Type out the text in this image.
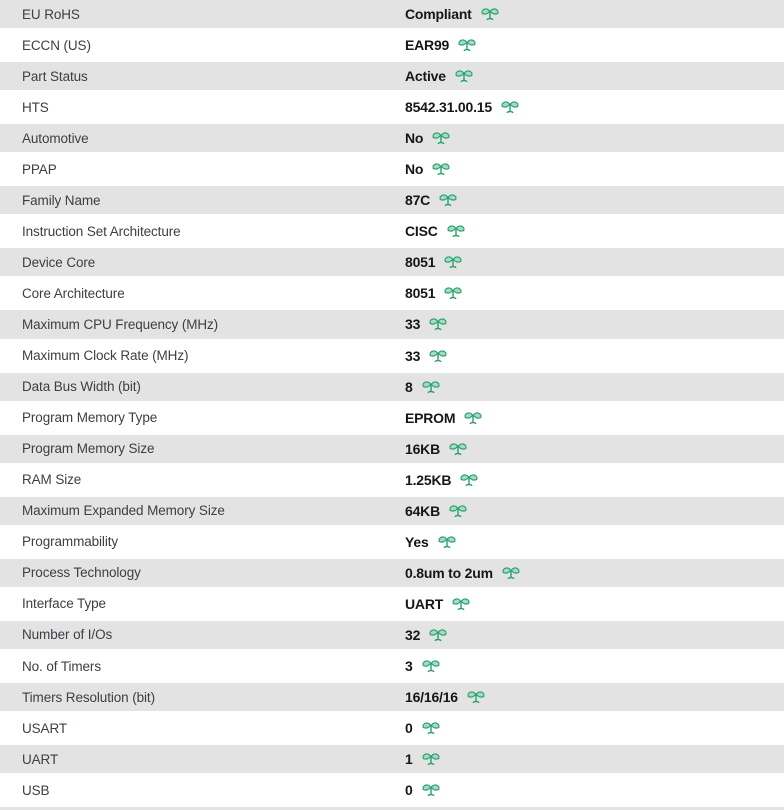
EU RoHS	Compliant
ECCN (US)	EAR99
Part Status	Active
HTS	8542.31.00.15
Automotive	No
PPAP	No
Family Name	87C
Instruction Set Architecture	CISC
Device Core	8051
Core Architecture	8051
Maximum CPU Frequency (MHz)	33
Maximum Clock Rate (MHz)	33
Data Bus Width (bit)	8
Program Memory Type	EPROM
Program Memory Size	16KB
RAM Size	1.25KB
Maximum Expanded Memory Size	64KB
Programmability	Yes
Process Technology	0.8um to 2um
Interface Type	UART
Number of I/Os	32
No. of Timers	3
Timers Resolution (bit)	16/16/16
USART	0
UART	1
USB	0
